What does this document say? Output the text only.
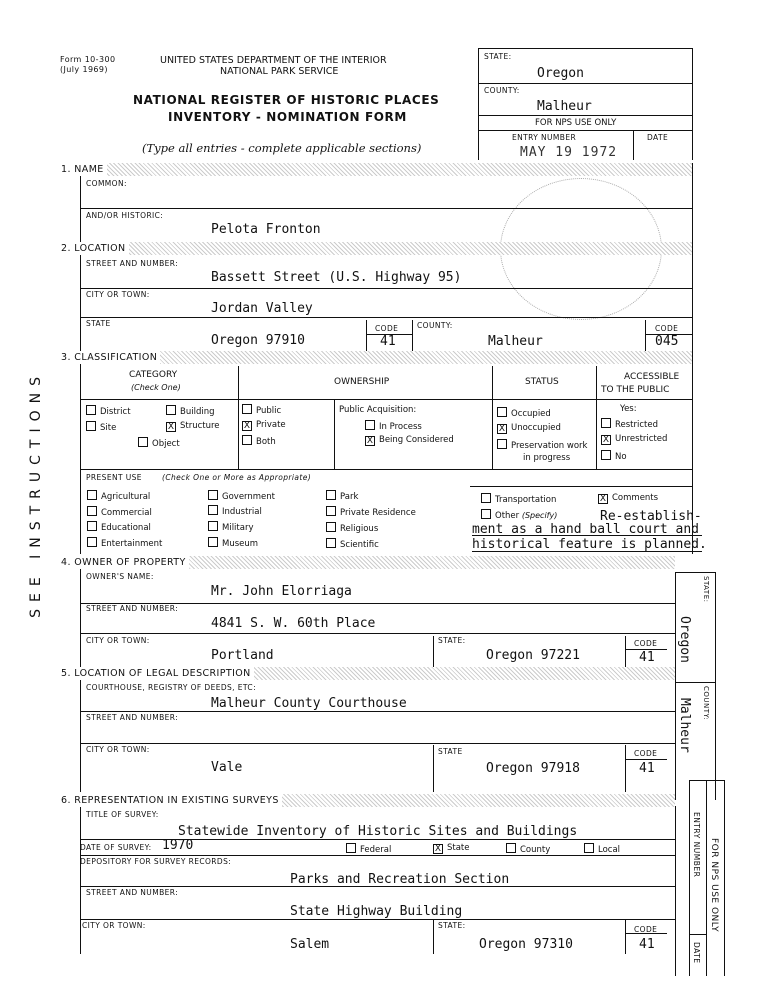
Form 10-300
(July 1969)
UNITED STATES DEPARTMENT OF THE INTERIOR
NATIONAL PARK SERVICE
NATIONAL REGISTER OF HISTORIC PLACES
INVENTORY - NOMINATION FORM
(Type all entries - complete applicable sections)
STATE:
Oregon
COUNTY:
Malheur
FOR NPS USE ONLY
ENTRY NUMBER	DATE
MAY 19 1972
SEE INSTRUCTIONS
1. NAME
COMMON:
AND/OR HISTORIC:
Pelota Fronton
2. LOCATION
STREET AND NUMBER:
Bassett Street (U.S. Highway 95)
CITY OR TOWN:
Jordan Valley
STATE
Oregon 97910
CODE
41
COUNTY:
Malheur
CODE
045
3. CLASSIFICATION
CATEGORY
(Check One)
OWNERSHIP	STATUS	ACCESSIBLE
TO THE PUBLIC
District	Building
Site	X Structure
Object
Public
X Private
Both
Public Acquisition:
In Process
X Being Considered
Occupied
X Unoccupied
Preservation work
in progress
Yes:
Restricted
X Unrestricted
No
PRESENT USE	(Check One or More as Appropriate)
Agricultural
Commercial
Educational
Entertainment
Government
Industrial
Military
Museum
Park
Private Residence
Religious
Scientific
Transportation
Other (Specify)
X Comments
Re-establish-
ment as a hand ball court and
historical feature is planned.
4. OWNER OF PROPERTY
OWNER'S NAME:
Mr. John Elorriaga
STREET AND NUMBER:
4841 S. W. 60th Place
CITY OR TOWN:
Portland
STATE:
Oregon 97221
CODE
41
5. LOCATION OF LEGAL DESCRIPTION
COURTHOUSE, REGISTRY OF DEEDS, ETC:
Malheur County Courthouse
STREET AND NUMBER:
CITY OR TOWN:
Vale
STATE
Oregon 97918
CODE
41
6. REPRESENTATION IN EXISTING SURVEYS
TITLE OF SURVEY:
Statewide Inventory of Historic Sites and Buildings
DATE OF SURVEY: 1970	Federal	X State	County	Local
DEPOSITORY FOR SURVEY RECORDS:
Parks and Recreation Section
STREET AND NUMBER:
State Highway Building
CITY OR TOWN:
Salem
STATE:
Oregon 97310
CODE
41
STATE:
Oregon
COUNTY:
Malheur
ENTRY NUMBER
DATE
FOR NPS USE ONLY
